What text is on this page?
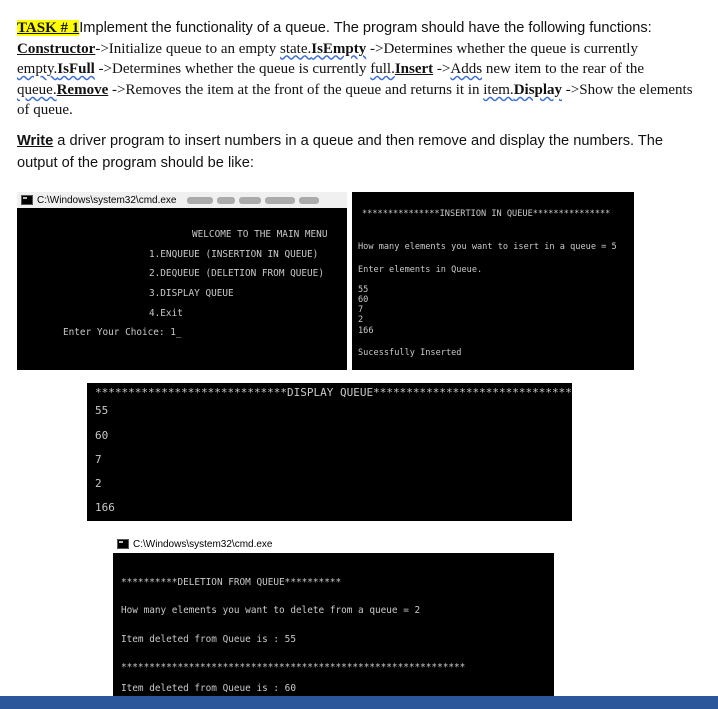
TASK # 1Implement the functionality of a queue. The program should have the following functions: Constructor->Initialize queue to an empty state.IsEmpty ->Determines whether the queue is currently empty.IsFull ->Determines whether the queue is currently full.Insert ->Adds new item to the rear of the queue.Remove ->Removes the item at the front of the queue and returns it in item.Display ->Show the elements of queue.
Write a driver program to insert numbers in a queue and then remove and display the numbers. The output of the program should be like:
C:\Windows\system32\cmd.exe
WELCOME TO THE MAIN MENU
1.ENQUEUE (INSERTION IN QUEUE)
2.DEQUEUE (DELETION FROM QUEUE)
3.DISPLAY QUEUE
4.Exit
Enter Your Choice: 1_
***************INSERTION IN QUEUE***************
How many elements you want to isert in a queue = 5
Enter elements in Queue.
55
60
7
2
166
Sucessfully Inserted
*****************************DISPLAY QUEUE******************************
55
60
7
2
166
C:\Windows\system32\cmd.exe
**********DELETION FROM QUEUE**********
How many elements you want to delete from a queue = 2
Item deleted from Queue is : 55
*************************************************************
Item deleted from Queue is : 60
